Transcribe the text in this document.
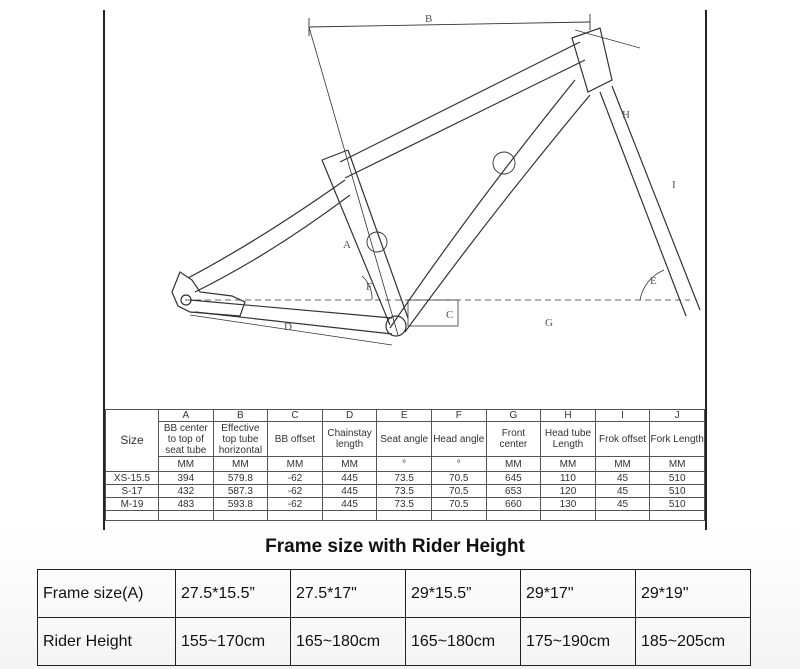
B
A
D
C
G
E
F
H
I
Size	A	B	C	D	E	F	G	H	I	J
	BB center to top of seat tube	Effective top tube horizontal	BB offset	Chainstay length	Seat angle	Head angle	Front center	Head tube Length	Frok offset	Fork Length
	MM	MM	MM	MM	°	°	MM	MM	MM	MM
XS-15.5	394	579.8	-62	445	73.5	70.5	645	110	45	510
S-17	432	587.3	-62	445	73.5	70.5	653	120	45	510
M-19	483	593.8	-62	445	73.5	70.5	660	130	45	510

Frame size with Rider Height
Frame size(A)	27.5*15.5”	27.5*17"	29*15.5”	29*17"	29*19"
Rider Height	155~170cm	165~180cm	165~180cm	175~190cm	185~205cm
